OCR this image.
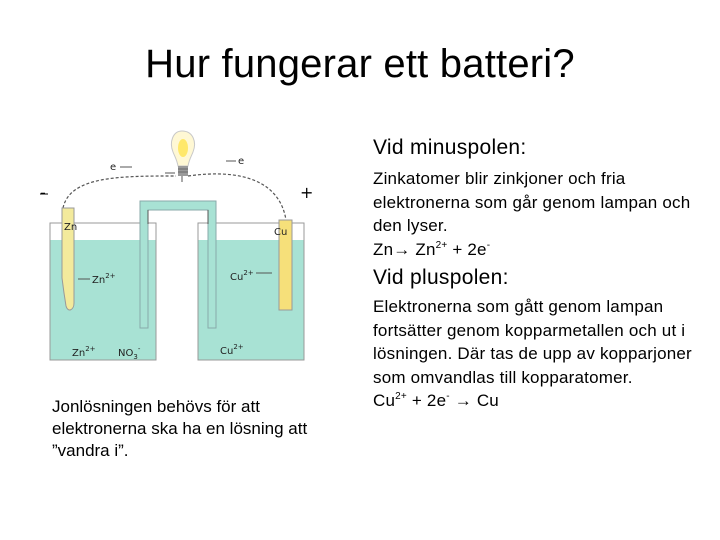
Hur fungerar ett batteri?
e
e
-	+
Zn	Cu
$Zn^{2+}$	$Cu^{2+}$
$Zn^{2+}$ $NO_3^-$	$Cu^{2+}$
Jonlösningen behövs för att elektronerna ska ha en lösning att ”vandra i”.
Vid minuspolen:
Zinkatomer blir zinkjoner och fria elektronerna som går genom lampan och den lyser.
$Zn\to Zn^{2+} + 2e^-$
Vid pluspolen:
Elektronerna som gått genom lampan fortsätter genom kopparmetallen och ut i lösningen. Där tas de upp av kopparjoner som omvandlas till kopparatomer.
$Cu^{2+} + 2e^- \to Cu$
